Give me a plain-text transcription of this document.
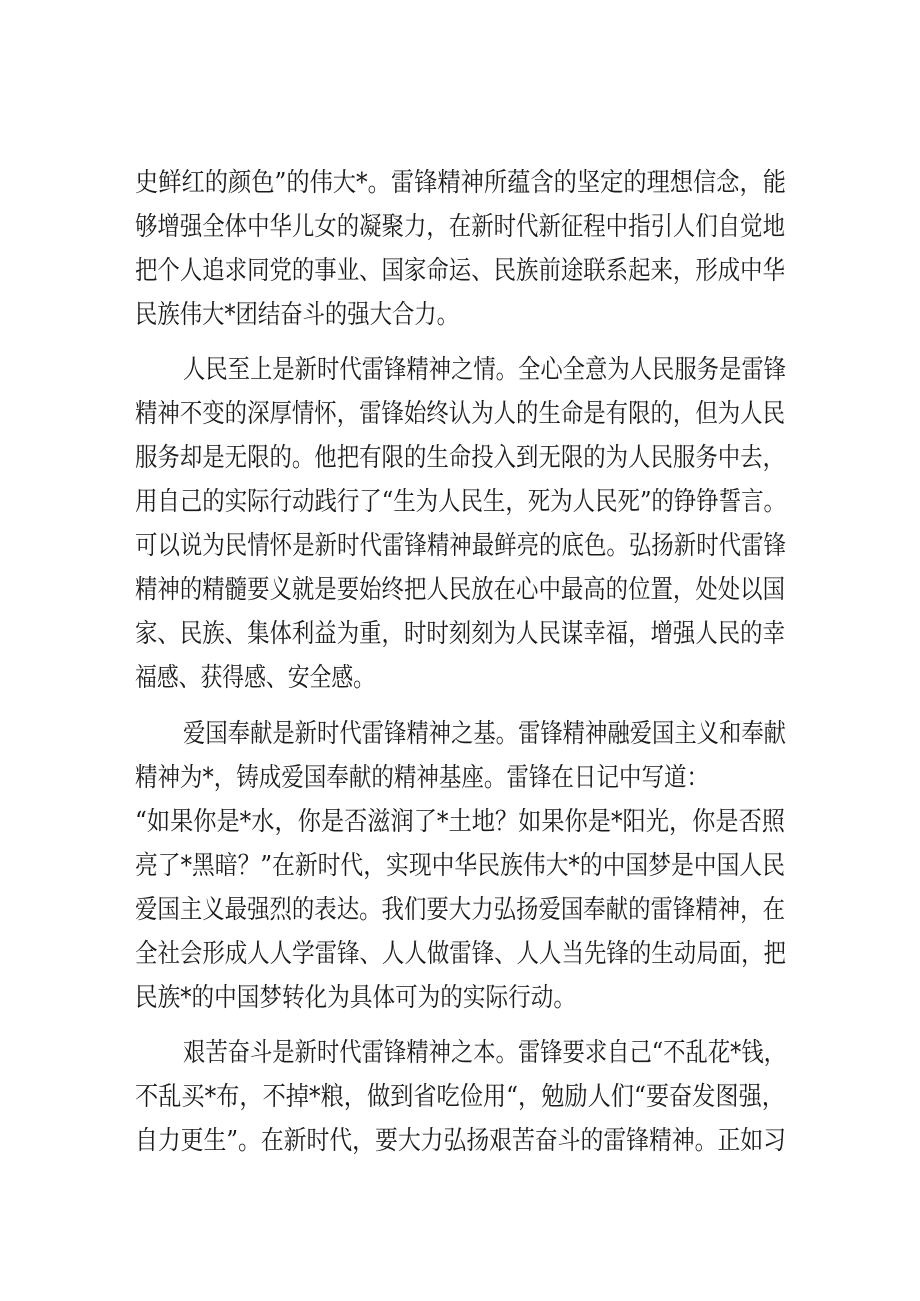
史鲜红的颜色”的伟大*。雷锋精神所蕴含的坚定的理想信念，能
够增强全体中华儿女的凝聚力，在新时代新征程中指引人们自觉地
把个人追求同党的事业、国家命运、民族前途联系起来，形成中华
民族伟大*团结奋斗的强大合力。
人民至上是新时代雷锋精神之情。全心全意为人民服务是雷锋
精神不变的深厚情怀，雷锋始终认为人的生命是有限的，但为人民
服务却是无限的。他把有限的生命投入到无限的为人民服务中去，
用自己的实际行动践行了“生为人民生，死为人民死”的铮铮誓言。
可以说为民情怀是新时代雷锋精神最鲜亮的底色。弘扬新时代雷锋
精神的精髓要义就是要始终把人民放在心中最高的位置，处处以国
家、民族、集体利益为重，时时刻刻为人民谋幸福，增强人民的幸
福感、获得感、安全感。
爱国奉献是新时代雷锋精神之基。雷锋精神融爱国主义和奉献
精神为*，铸成爱国奉献的精神基座。雷锋在日记中写道：
“如果你是*水，你是否滋润了*土地？如果你是*阳光，你是否照
亮了*黑暗？”在新时代，实现中华民族伟大*的中国梦是中国人民
爱国主义最强烈的表达。我们要大力弘扬爱国奉献的雷锋精神，在
全社会形成人人学雷锋、人人做雷锋、人人当先锋的生动局面，把
民族*的中国梦转化为具体可为的实际行动。
艰苦奋斗是新时代雷锋精神之本。雷锋要求自己“不乱花*钱，
不乱买*布，不掉*粮，做到省吃俭用“，勉励人们“要奋发图强，
自力更生”。在新时代，要大力弘扬艰苦奋斗的雷锋精神。正如习
